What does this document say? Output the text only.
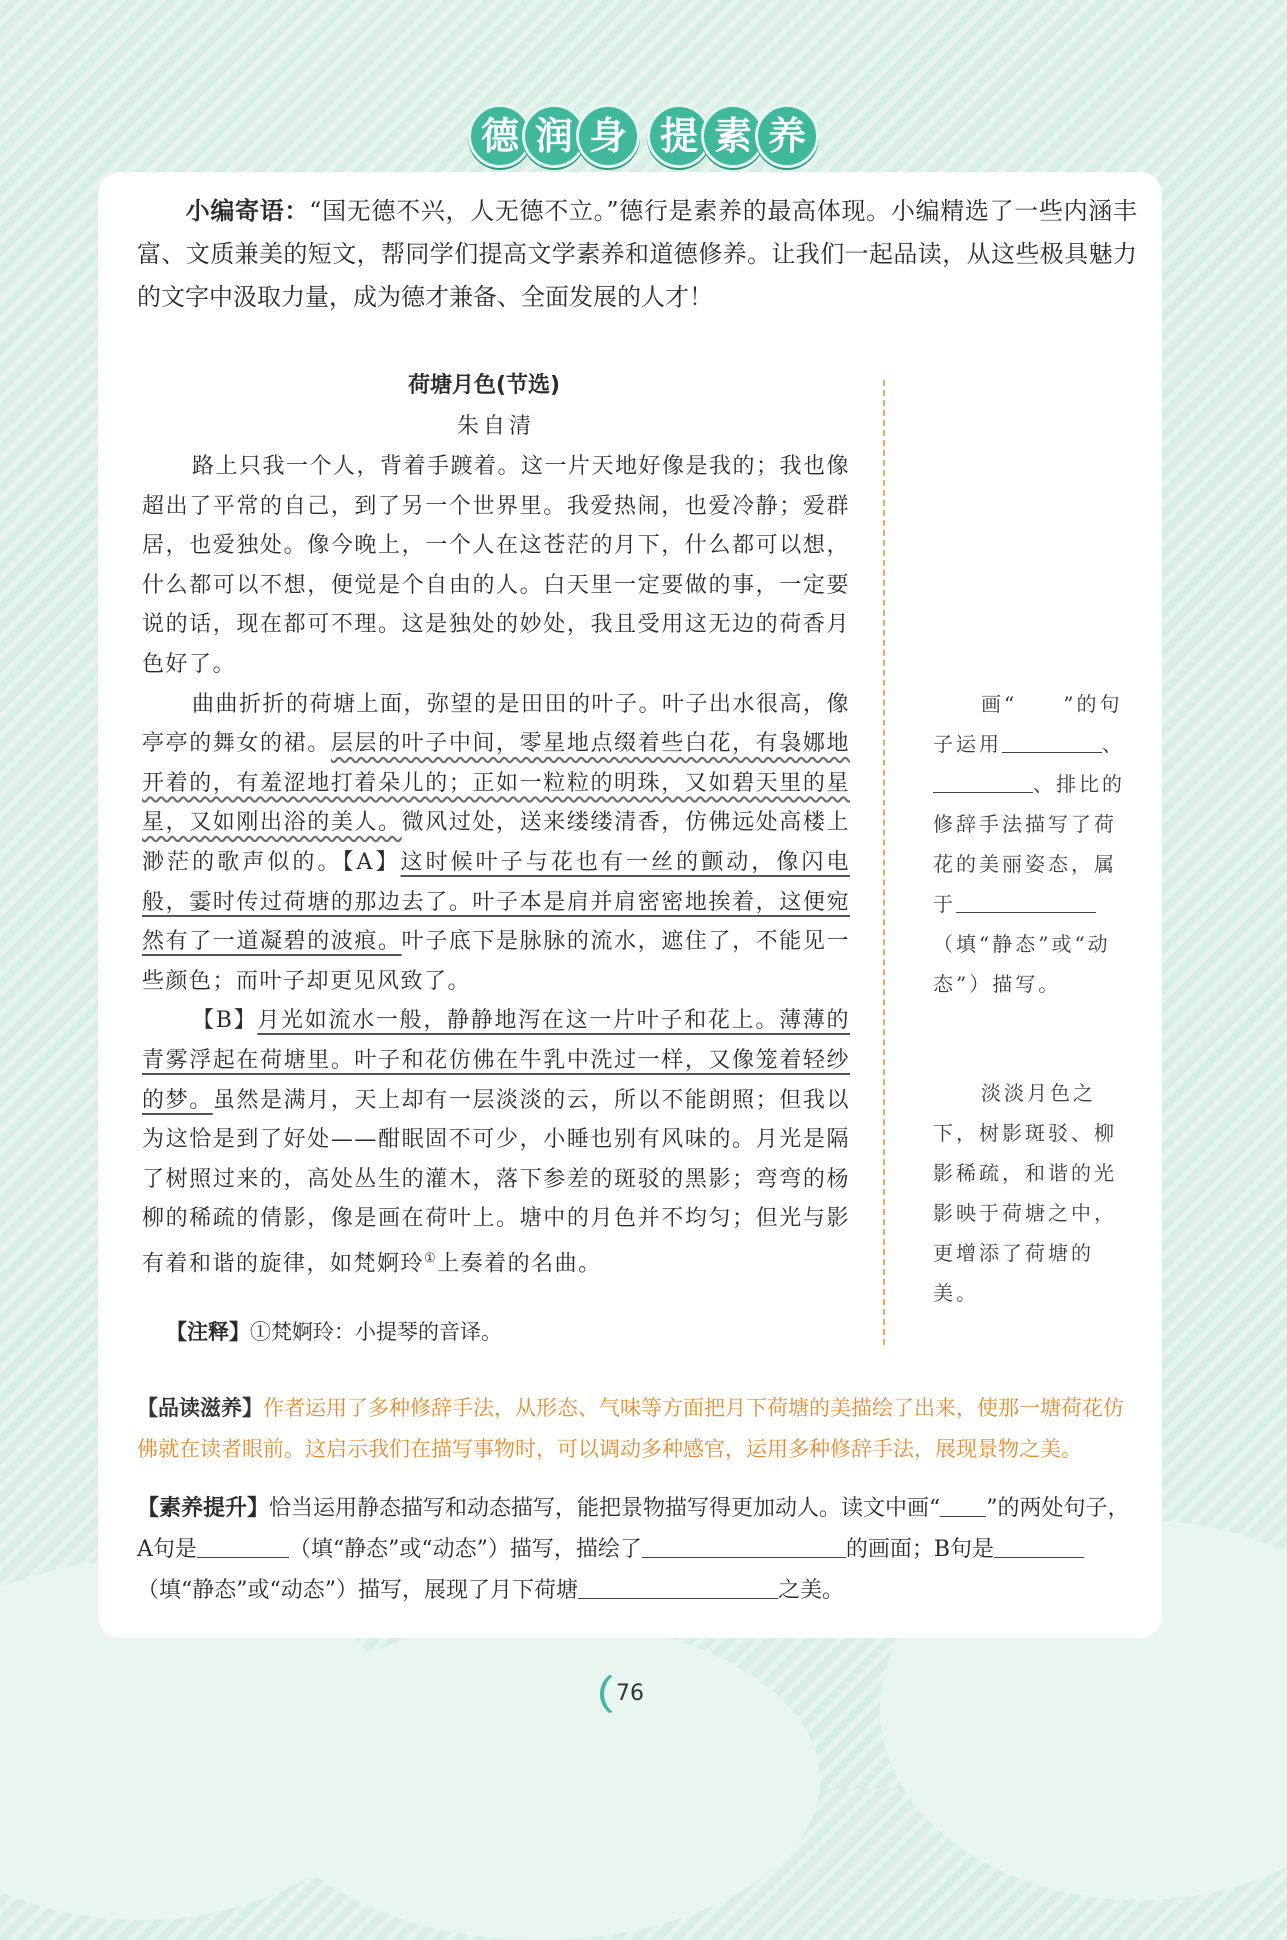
德 润 身 提 素 养
小编寄语：“国无德不兴，人无德不立。”德行是素养的最高体现。小编精选了一些内涵丰富、文质兼美的短文，帮同学们提高文学素养和道德修养。让我们一起品读，从这些极具魅力的文字中汲取力量，成为德才兼备、全面发展的人才！
荷塘月色(节选)
朱自清

路上只我一个人，背着手踱着。这一片天地好像是我的；我也像超出了平常的自己，到了另一个世界里。我爱热闹，也爱冷静；爱群居，也爱独处。像今晚上，一个人在这苍茫的月下，什么都可以想，什么都可以不想，便觉是个自由的人。白天里一定要做的事，一定要说的话，现在都可不理。这是独处的妙处，我且受用这无边的荷香月色好了。

曲曲折折的荷塘上面，弥望的是田田的叶子。叶子出水很高，像亭亭的舞女的裙。层层的叶子中间，零星地点缀着些白花，有袅娜地开着的，有羞涩地打着朵儿的；正如一粒粒的明珠，又如碧天里的星星，又如刚出浴的美人。微风过处，送来缕缕清香，仿佛远处高楼上渺茫的歌声似的。【A】这时候叶子与花也有一丝的颤动，像闪电般，霎时传过荷塘的那边去了。叶子本是肩并肩密密地挨着，这便宛然有了一道凝碧的波痕。叶子底下是脉脉的流水，遮住了，不能见一些颜色；而叶子却更见风致了。

【B】月光如流水一般，静静地泻在这一片叶子和花上。薄薄的青雾浮起在荷塘里。叶子和花仿佛在牛乳中洗过一样，又像笼着轻纱的梦。虽然是满月，天上却有一层淡淡的云，所以不能朗照；但我以为这恰是到了好处——酣眠固不可少，小睡也别有风味的。月光是隔了树照过来的，高处丛生的灌木，落下参差的斑驳的黑影；弯弯的杨柳的稀疏的倩影，像是画在荷叶上。塘中的月色并不均匀；但光与影有着和谐的旋律，如梵婀玲①上奏着的名曲。

【注释】①梵婀玲：小提琴的音译。
画“ ”的句子运用	、、排比的修辞手法描写了荷花的美丽姿态，属于（填“静态”或“动态”）描写。
淡淡月色之下，树影斑驳、柳影稀疏，和谐的光影映于荷塘之中，更增添了荷塘的美。
【品读滋养】作者运用了多种修辞手法，从形态、气味等方面把月下荷塘的美描绘了出来，使那一塘荷花仿佛就在读者眼前。这启示我们在描写事物时，可以调动多种感官，运用多种修辞手法，展现景物之美。
【素养提升】恰当运用静态描写和动态描写，能把景物描写得更加动人。读文中画“ ”的两处句子，A句是	（填“静态”或“动态”）描写，描绘了	的画面；B句是（填“静态”或“动态”）描写，展现了月下荷塘	之美。
76
